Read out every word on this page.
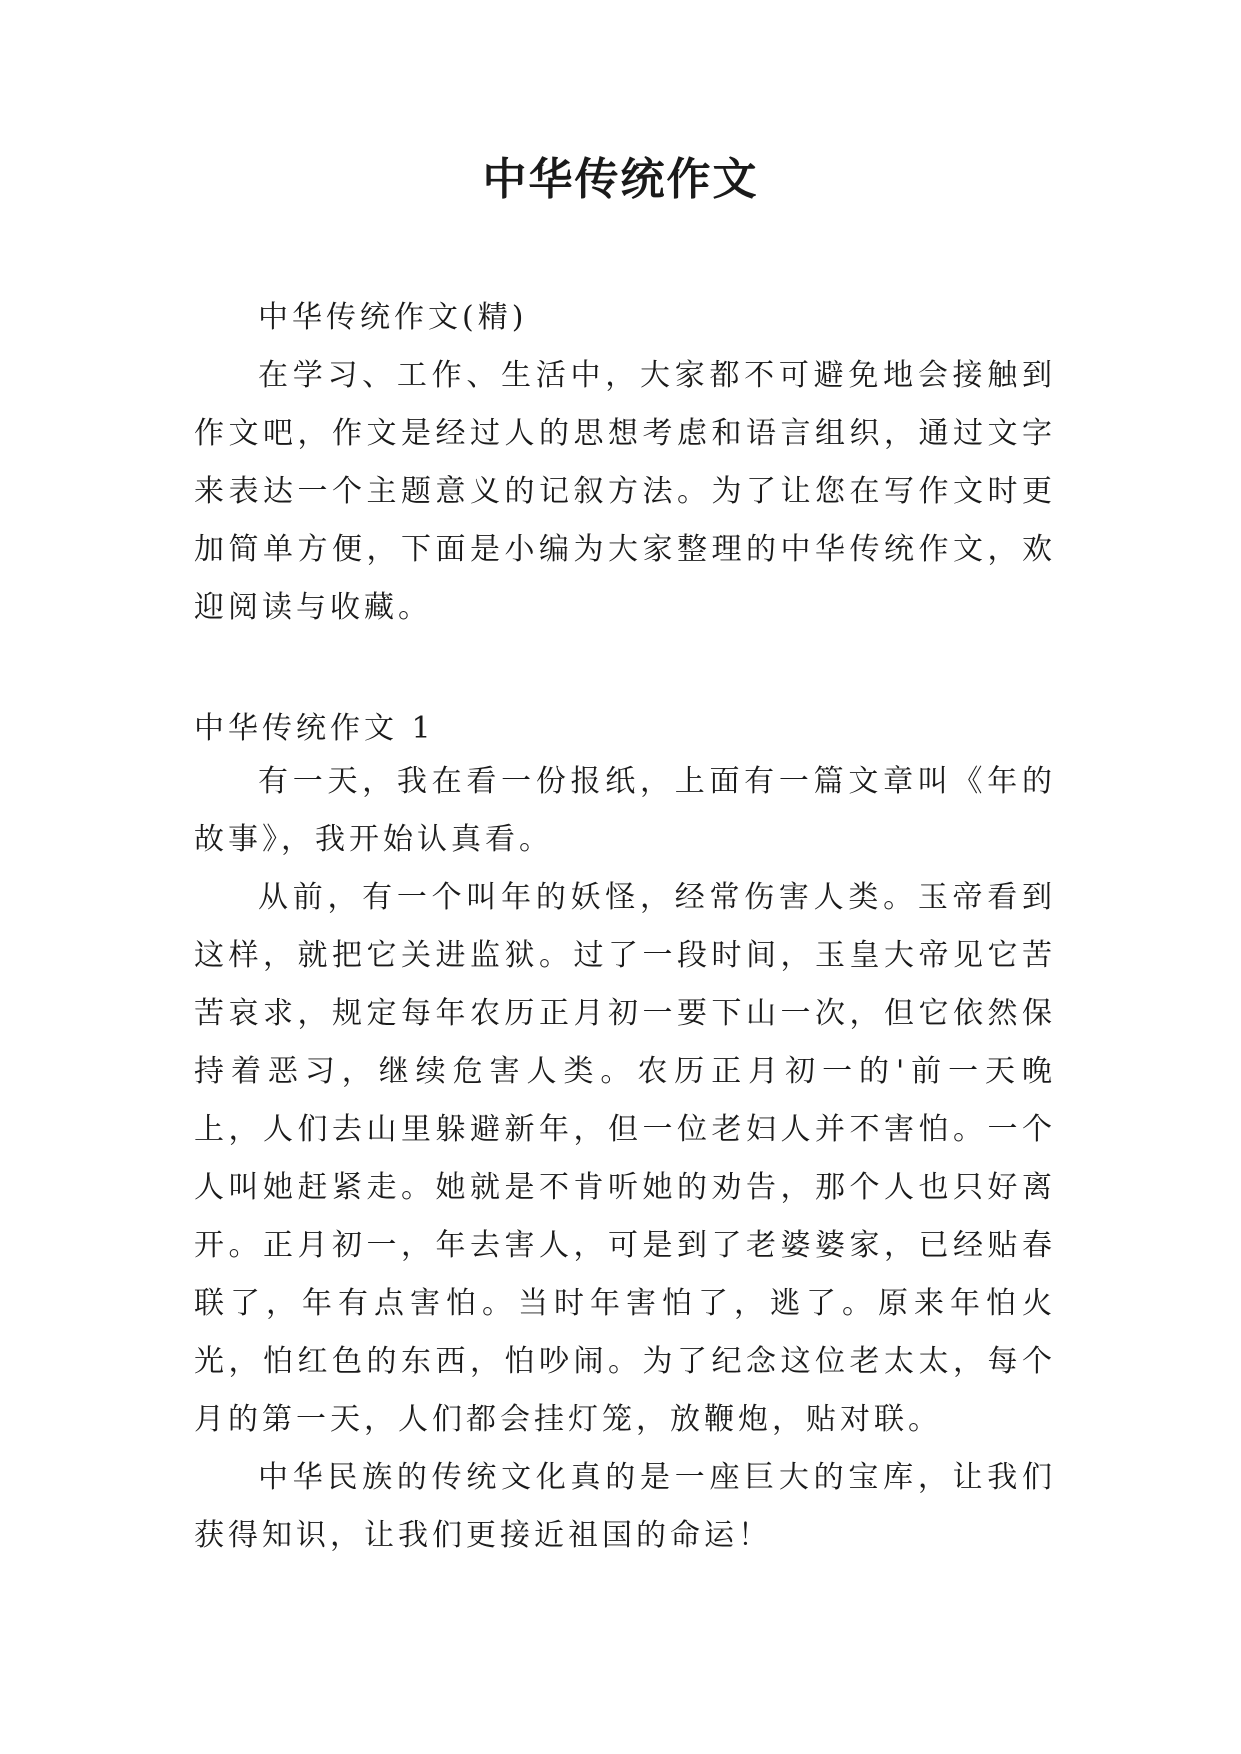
中华传统作文
中华传统作文(精)

在学习、工作、生活中，大家都不可避免地会接触到作文吧，作文是经过人的思想考虑和语言组织，通过文字来表达一个主题意义的记叙方法。为了让您在写作文时更加简单方便，下面是小编为大家整理的中华传统作文，欢迎阅读与收藏。

中华传统作文 1

有一天，我在看一份报纸，上面有一篇文章叫《年的故事》，我开始认真看。

从前，有一个叫年的妖怪，经常伤害人类。玉帝看到这样，就把它关进监狱。过了一段时间，玉皇大帝见它苦苦哀求，规定每年农历正月初一要下山一次，但它依然保持着恶习，继续危害人类。农历正月初一的'前一天晚上，人们去山里躲避新年，但一位老妇人并不害怕。一个人叫她赶紧走。她就是不肯听她的劝告，那个人也只好离开。正月初一，年去害人，可是到了老婆婆家，已经贴春联了，年有点害怕。当时年害怕了，逃了。原来年怕火光，怕红色的东西，怕吵闹。为了纪念这位老太太，每个月的第一天，人们都会挂灯笼，放鞭炮，贴对联。

中华民族的传统文化真的是一座巨大的宝库，让我们获得知识，让我们更接近祖国的命运！
